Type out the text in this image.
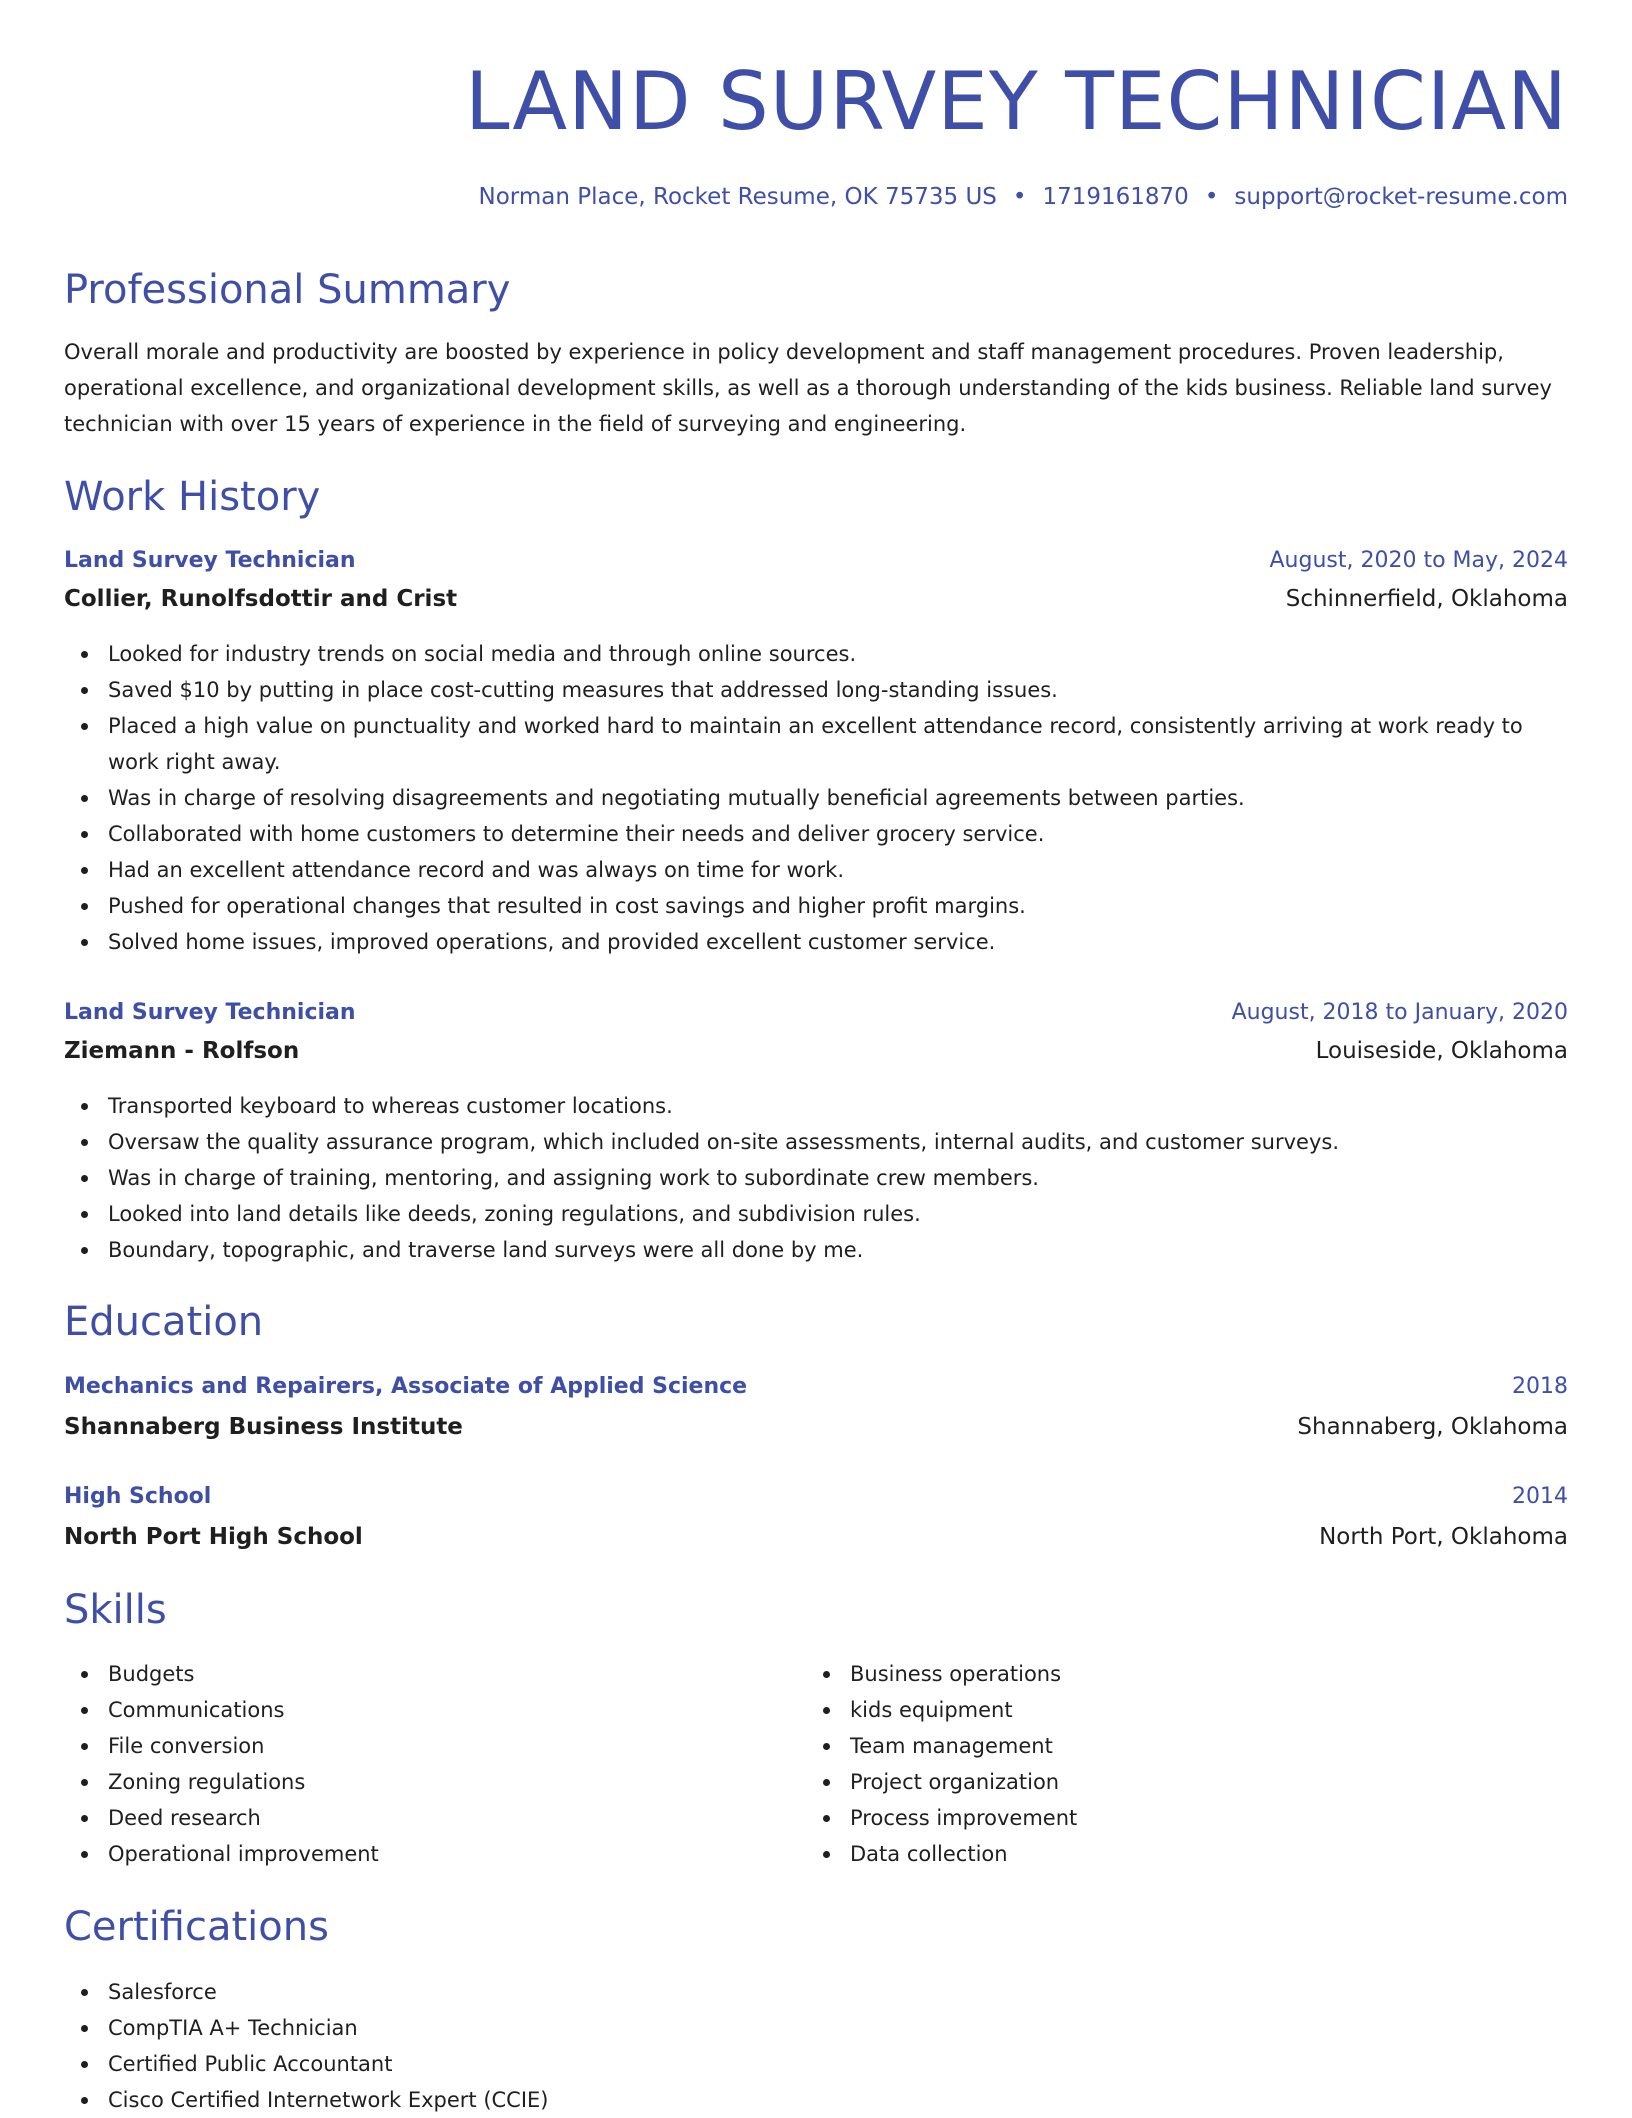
LAND SURVEY TECHNICIAN
Norman Place, Rocket Resume, OK 75735 US • 1719161870 • support@rocket-resume.com
Professional Summary

Overall morale and productivity are boosted by experience in policy development and staff management procedures. Proven leadership, operational excellence, and organizational development skills, as well as a thorough understanding of the kids business. Reliable land survey technician with over 15 years of experience in the field of surveying and engineering.

Work History
Land Survey Technician	August, 2020 to May, 2024
Collier, Runolfsdottir and Crist	Schinnerfield, Oklahoma
Looked for industry trends on social media and through online sources.
Saved $10 by putting in place cost-cutting measures that addressed long-standing issues.
Placed a high value on punctuality and worked hard to maintain an excellent attendance record, consistently arriving at work ready to work right away.
Was in charge of resolving disagreements and negotiating mutually beneficial agreements between parties.
Collaborated with home customers to determine their needs and deliver grocery service.
Had an excellent attendance record and was always on time for work.
Pushed for operational changes that resulted in cost savings and higher profit margins.
Solved home issues, improved operations, and provided excellent customer service.
Land Survey Technician	August, 2018 to January, 2020
Ziemann - Rolfson	Louiseside, Oklahoma
Transported keyboard to whereas customer locations.
Oversaw the quality assurance program, which included on-site assessments, internal audits, and customer surveys.
Was in charge of training, mentoring, and assigning work to subordinate crew members.
Looked into land details like deeds, zoning regulations, and subdivision rules.
Boundary, topographic, and traverse land surveys were all done by me.
Education
Mechanics and Repairers, Associate of Applied Science	2018
Shannaberg Business Institute	Shannaberg, Oklahoma
High School	2014
North Port High School	North Port, Oklahoma
Skills
Budgets
Communications
File conversion
Zoning regulations
Deed research
Operational improvement
Business operations
kids equipment
Team management
Project organization
Process improvement
Data collection
Certifications
Salesforce
CompTIA A+ Technician
Certified Public Accountant
Cisco Certified Internetwork Expert (CCIE)
